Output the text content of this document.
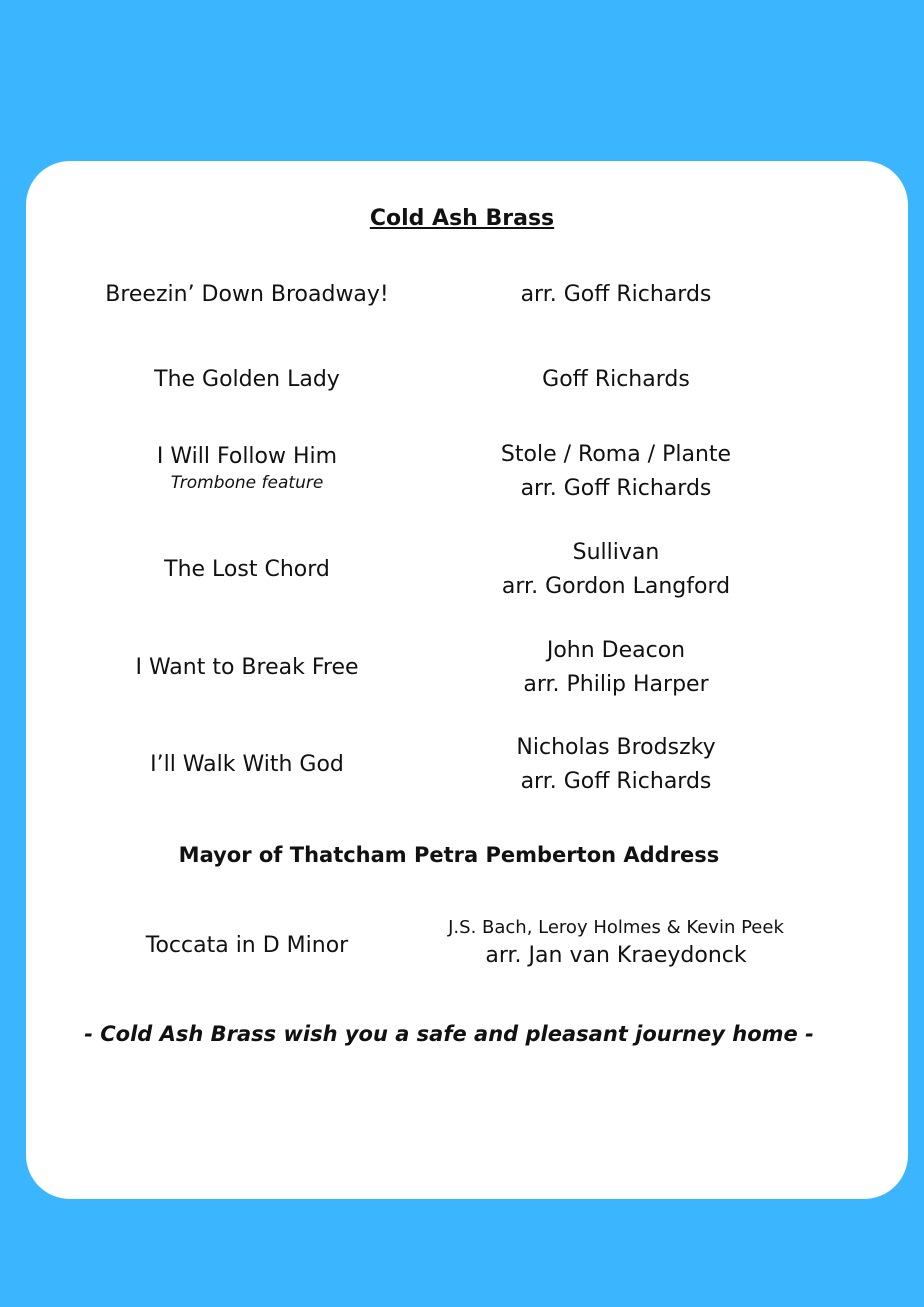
Cold Ash Brass
Breezin’ Down Broadway!	arr. Goff Richards
The Golden Lady	Goff Richards
I Will Follow Him
Trombone feature
Stole / Roma / Plante
arr. Goff Richards
The Lost Chord
Sullivan
arr. Gordon Langford
I Want to Break Free
John Deacon
arr. Philip Harper
I’ll Walk With God
Nicholas Brodszky
arr. Goff Richards
Mayor of Thatcham Petra Pemberton Address
Toccata in D Minor
J.S. Bach, Leroy Holmes & Kevin Peek
arr. Jan van Kraeydonck
- Cold Ash Brass wish you a safe and pleasant journey home -
